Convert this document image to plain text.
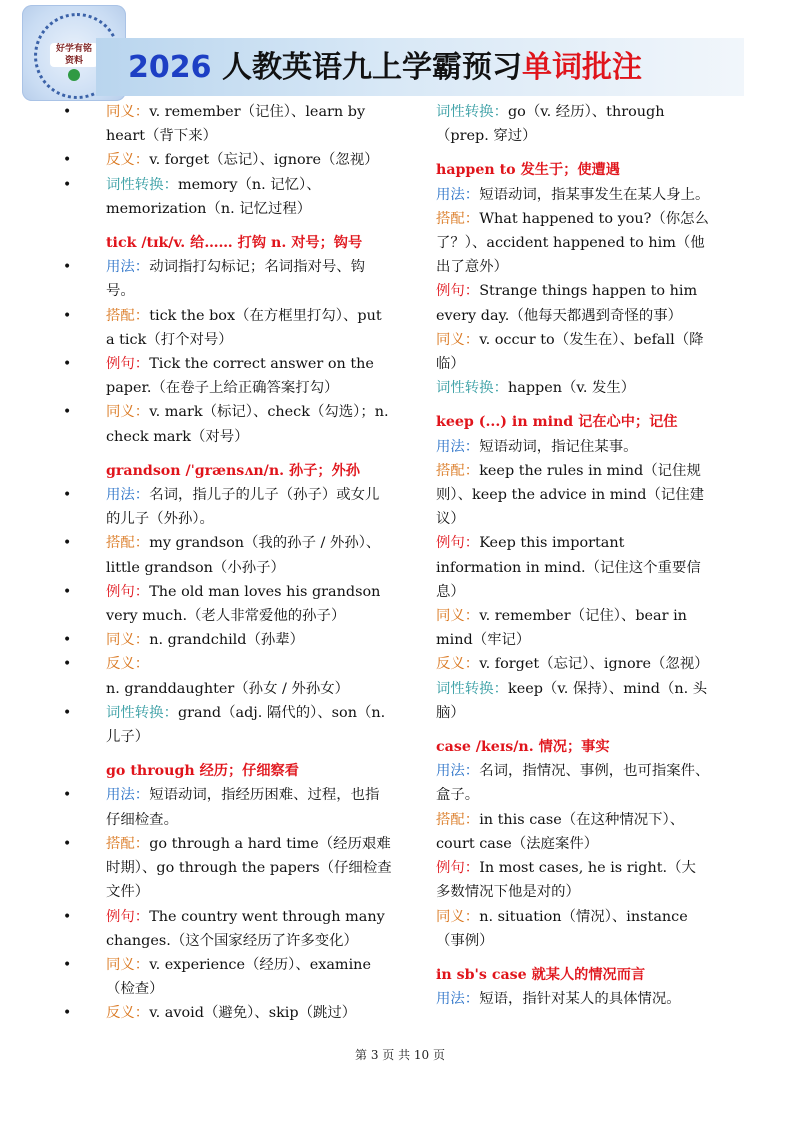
好学有铭 资料	2026 人教英语九上学霸预习单词批注
• 同义：v. remember（记住）、learn by heart（背下来）
• 反义：v. forget（忘记）、ignore（忽视）
• 词性转换：memory（n. 记忆）、memorization（n. 记忆过程）
tick /tɪk/v. 给…… 打钩 n. 对号；钩号
• 用法：动词指打勾标记；名词指对号、钩号。
• 搭配：tick the box（在方框里打勾）、put a tick（打个对号）
• 例句：Tick the correct answer on the paper.（在卷子上给正确答案打勾）
• 同义：v. mark（标记）、check（勾选）；n. check mark（对号）
grandson /ˈɡrænsʌn/n. 孙子；外孙
• 用法：名词，指儿子的儿子（孙子）或女儿的儿子（外孙）。
• 搭配：my grandson（我的孙子 / 外孙）、little grandson（小孙子）
• 例句：The old man loves his grandson very much.（老人非常爱他的孙子）
• 同义：n. grandchild（孙辈）
• 反义：n. granddaughter（孙女 / 外孙女）
• 词性转换：grand（adj. 隔代的）、son（n. 儿子）
go through 经历；仔细察看
• 用法：短语动词，指经历困难、过程，也指仔细检查。
• 搭配：go through a hard time（经历艰难时期）、go through the papers（仔细检查文件）
• 例句：The country went through many changes.（这个国家经历了许多变化）
• 同义：v. experience（经历）、examine（检查）
• 反义：v. avoid（避免）、skip（跳过）
词性转换：go（v. 经历）、through（prep. 穿过）
happen to 发生于；使遭遇
用法：短语动词，指某事发生在某人身上。
搭配：What happened to you?（你怎么了？）、accident happened to him（他出了意外）
例句：Strange things happen to him every day.（他每天都遇到奇怪的事）
同义：v. occur to（发生在）、befall（降临）
词性转换：happen（v. 发生）
keep (...) in mind 记在心中；记住
用法：短语动词，指记住某事。
搭配：keep the rules in mind（记住规则）、keep the advice in mind（记住建议）
例句：Keep this important information in mind.（记住这个重要信息）
同义：v. remember（记住）、bear in mind（牢记）
反义：v. forget（忘记）、ignore（忽视）
词性转换：keep（v. 保持）、mind（n. 头脑）
case /keɪs/n. 情况；事实
用法：名词，指情况、事例，也可指案件、盒子。
搭配：in this case（在这种情况下）、court case（法庭案件）
例句：In most cases, he is right.（大多数情况下他是对的）
同义：n. situation（情况）、instance（事例）
in sb's case 就某人的情况而言
用法：短语，指针对某人的具体情况。
第 3 页 共 10 页
